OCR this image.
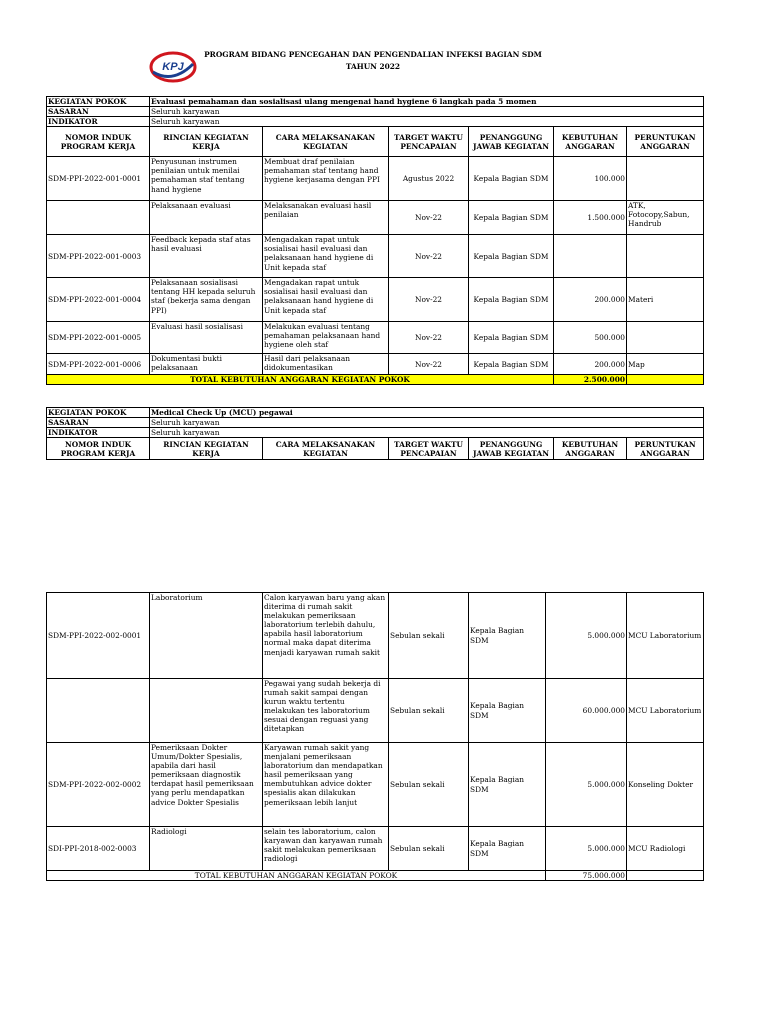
KPJ
PROGRAM BIDANG PENCEGAHAN DAN PENGENDALIAN INFEKSI BAGIAN SDM
TAHUN 2022
KEGIATAN POKOK	Evaluasi pemahaman dan sosialisasi ulang mengenai hand hygiene 6 langkah pada 5 momen					
SASARAN	Seluruh karyawan					
INDIKATOR	Seluruh karyawan					
NOMOR INDUK PROGRAM KERJA	RINCIAN KEGIATAN KERJA	CARA MELAKSANAKAN KEGIATAN	TARGET WAKTU PENCAPAIAN	PENANGGUNG JAWAB KEGIATAN	KEBUTUHAN ANGGARAN	PERUNTUKAN ANGGARAN
SDM-PPI-2022-001-0001	Penyusunan instrumen penilaian untuk menilai pemahaman staf tentang hand hygiene	Membuat draf penilaian pemahaman staf tentang hand hygiene kerjasama dengan PPI	Agustus 2022	Kepala Bagian SDM	100.000	
	Pelaksanaan evaluasi	Melaksanakan evaluasi hasil penilaian	Nov-22	Kepala Bagian SDM	1.500.000	ATK, Fotocopy,Sabun, Handrub
SDM-PPI-2022-001-0003	Feedback kepada staf atas hasil evaluasi	Mengadakan rapat untuk sosialisai hasil evaluasi dan pelaksanaan hand hygiene di Unit kepada staf	Nov-22	Kepala Bagian SDM		
SDM-PPI-2022-001-0004	Pelaksanaan sosialisasi tentang HH kepada seluruh staf (bekerja sama dengan PPI)	Mengadakan rapat untuk sosialisai hasil evaluasi dan pelaksanaan hand hygiene di Unit kepada staf	Nov-22	Kepala Bagian SDM	200.000	Materi
SDM-PPI-2022-001-0005	Evaluasi hasil sosialisasi	Melakukan evaluasi tentang pemahaman pelaksanaan hand hygiene oleh staf	Nov-22	Kepala Bagian SDM	500.000	
SDM-PPI-2022-001-0006	Dokumentasi bukti pelaksanaan	Hasil dari pelaksanaan didokumentasikan	Nov-22	Kepala Bagian SDM	200.000	Map
TOTAL KEBUTUHAN ANGGARAN KEGIATAN POKOK					2.500.000	
KEGIATAN POKOK	Medical Check Up (MCU) pegawai					
SASARAN	Seluruh karyawan					
INDIKATOR	Seluruh karyawan					
NOMOR INDUK PROGRAM KERJA	RINCIAN KEGIATAN KERJA	CARA MELAKSANAKAN KEGIATAN	TARGET WAKTU PENCAPAIAN	PENANGGUNG JAWAB KEGIATAN	KEBUTUHAN ANGGARAN	PERUNTUKAN ANGGARAN
SDM-PPI-2022-002-0001	Laboratorium	Calon karyawan baru yang akan diterima di rumah sakit melakukan pemeriksaan laboratorium terlebih dahulu, apabila hasil laboratorium normal maka dapat diterima menjadi karyawan rumah sakit	Sebulan sekali	Kepala Bagian SDM	5.000.000	MCU Laboratorium
		Pegawai yang sudah bekerja di rumah sakit sampai dengan kurun waktu tertentu melakukan tes laboratorium sesuai dengan reguasi yang ditetapkan	Sebulan sekali	Kepala Bagian SDM	60.000.000	MCU Laboratorium
SDM-PPI-2022-002-0002	Pemeriksaan Dokter Umum/Dokter Spesialis, apabila dari hasil pemeriksaan diagnostik terdapat hasil pemeriksaan yang perlu mendapatkan advice Dokter Spesialis	Karyawan rumah sakit yang menjalani pemeriksaan laboratorium dan mendapatkan hasil pemeriksaan yang membutuhkan advice dokter spesialis akan dilakukan pemeriksaan lebih lanjut	Sebulan sekali	Kepala Bagian SDM	5.000.000	Konseling Dokter
SDI-PPI-2018-002-0003	Radiologi	selain tes laboratorium, calon karyawan dan karyawan rumah sakit melakukan pemeriksaan radiologi	Sebulan sekali	Kepala Bagian SDM	5.000.000	MCU Radiologi
TOTAL KEBUTUHAN ANGGARAN KEGIATAN POKOK					75.000.000	
